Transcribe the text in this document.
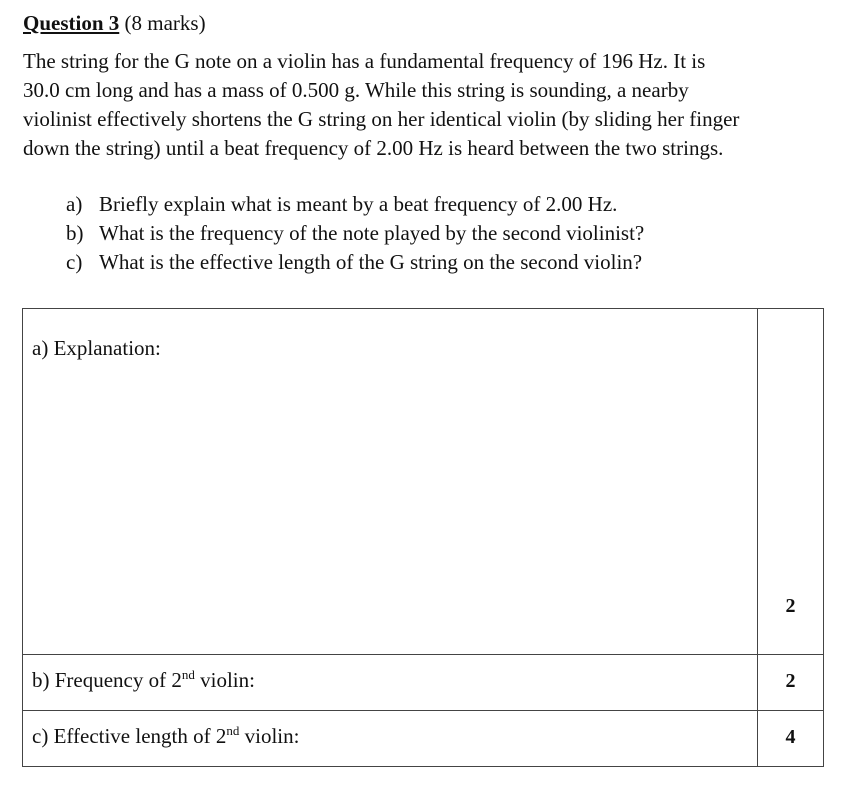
Question 3 (8 marks)
The string for the G note on a violin has a fundamental frequency of 196 Hz. It is
30.0 cm long and has a mass of 0.500 g. While this string is sounding, a nearby
violinist effectively shortens the G string on her identical violin (by sliding her finger
down the string) until a beat frequency of 2.00 Hz is heard between the two strings.
a) Briefly explain what is meant by a beat frequency of 2.00 Hz.
b) What is the frequency of the note played by the second violinist?
c) What is the effective length of the G string on the second violin?
a) Explanation:	2

b) Frequency of 2nd violin:	2

c) Effective length of 2nd violin:	4
